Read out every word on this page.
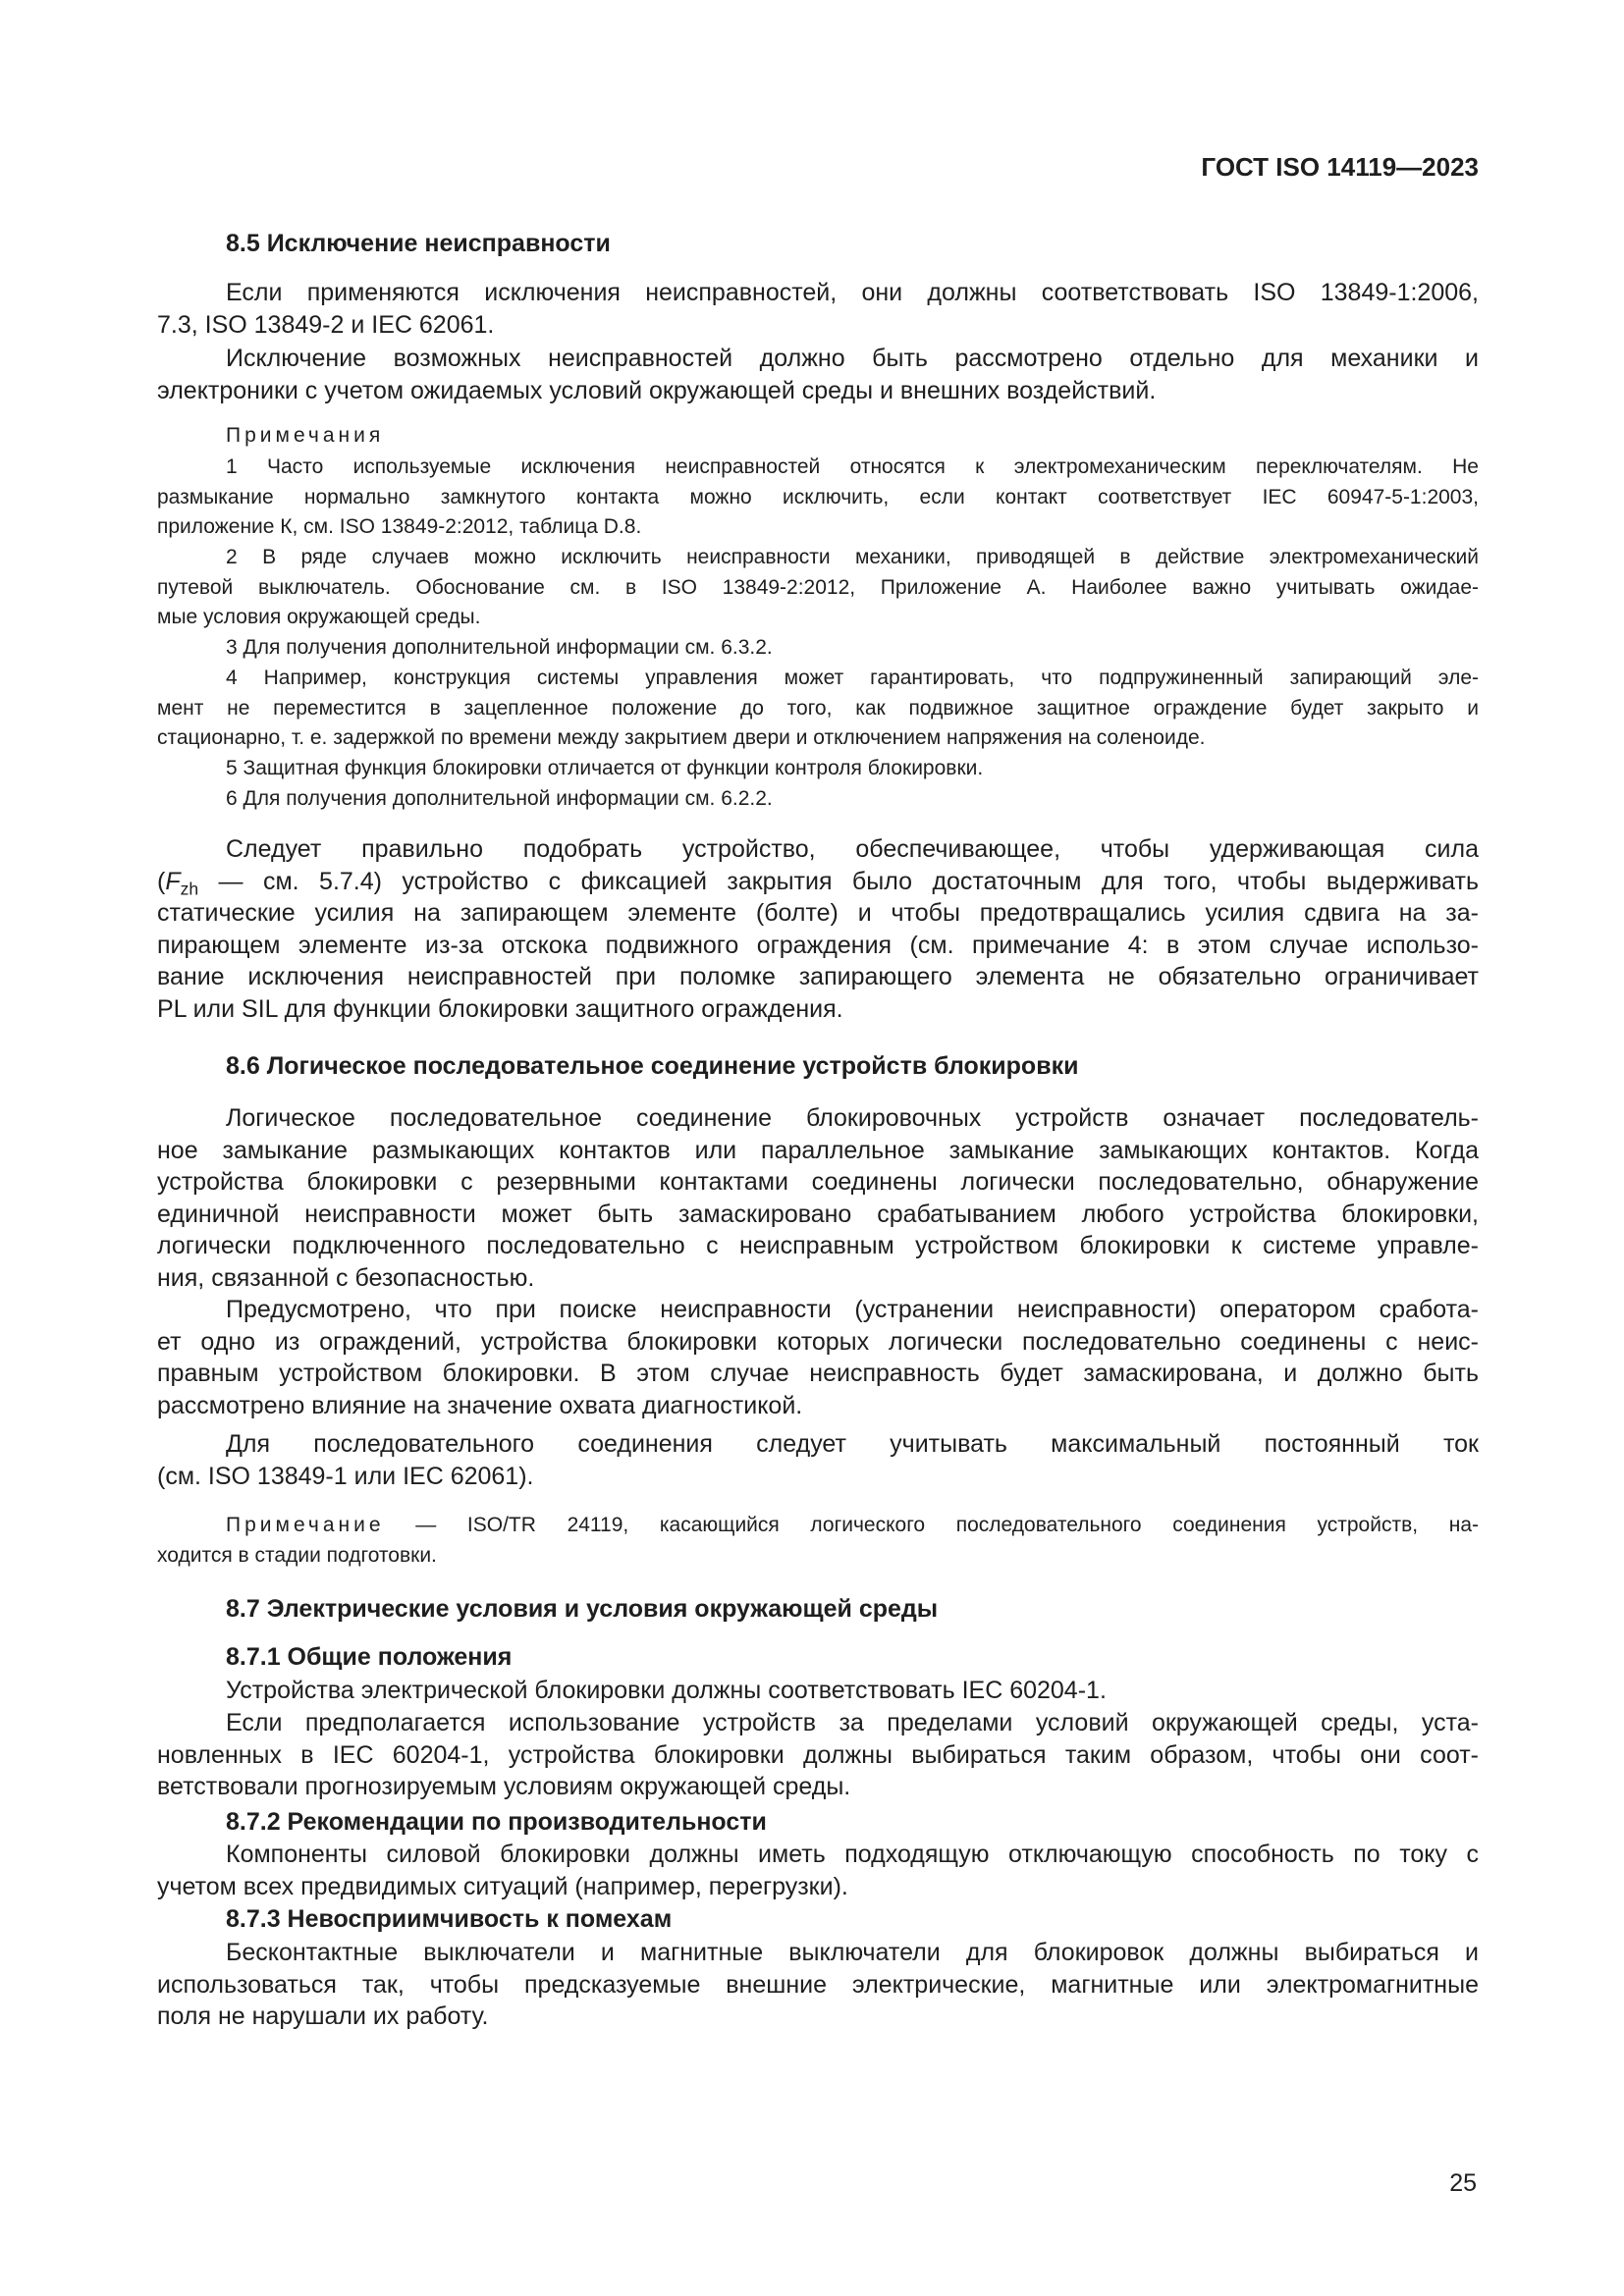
ГОСТ ISO 14119—2023
8.5 Исключение неисправности
Если применяются исключения неисправностей, они должны соответствовать ISO 13849-1:2006,
7.3, ISO 13849-2 и IEC 62061.
Исключение возможных неисправностей должно быть рассмотрено отдельно для механики и
электроники с учетом ожидаемых условий окружающей среды и внешних воздействий.
Примечания
1 Часто используемые исключения неисправностей относятся к электромеханическим переключателям. Не
размыкание нормально замкнутого контакта можно исключить, если контакт соответствует IEC 60947-5-1:2003,
приложение К, см. ISO 13849-2:2012, таблица D.8.
2 В ряде случаев можно исключить неисправности механики, приводящей в действие электромеханический
путевой выключатель. Обоснование см. в ISO 13849-2:2012, Приложение А. Наиболее важно учитывать ожидае-
мые условия окружающей среды.
3 Для получения дополнительной информации см. 6.3.2.
4 Например, конструкция системы управления может гарантировать, что подпружиненный запирающий эле-
мент не переместится в зацепленное положение до того, как подвижное защитное ограждение будет закрыто и
стационарно, т. е. задержкой по времени между закрытием двери и отключением напряжения на соленоиде.
5 Защитная функция блокировки отличается от функции контроля блокировки.
6 Для получения дополнительной информации см. 6.2.2.
Следует правильно подобрать устройство, обеспечивающее, чтобы удерживающая сила
($F_{zh}$ — см. 5.7.4) устройство с фиксацией закрытия было достаточным для того, чтобы выдерживать
статические усилия на запирающем элементе (болте) и чтобы предотвращались усилия сдвига на за-
пирающем элементе из-за отскока подвижного ограждения (см. примечание 4: в этом случае использо-
вание исключения неисправностей при поломке запирающего элемента не обязательно ограничивает
PL или SIL для функции блокировки защитного ограждения.
8.6 Логическое последовательное соединение устройств блокировки
Логическое последовательное соединение блокировочных устройств означает последователь-
ное замыкание размыкающих контактов или параллельное замыкание замыкающих контактов. Когда
устройства блокировки с резервными контактами соединены логически последовательно, обнаружение
единичной неисправности может быть замаскировано срабатыванием любого устройства блокировки,
логически подключенного последовательно с неисправным устройством блокировки к системе управле-
ния, связанной с безопасностью.
Предусмотрено, что при поиске неисправности (устранении неисправности) оператором сработа-
ет одно из ограждений, устройства блокировки которых логически последовательно соединены с неис-
правным устройством блокировки. В этом случае неисправность будет замаскирована, и должно быть
рассмотрено влияние на значение охвата диагностикой.
Для последовательного соединения следует учитывать максимальный постоянный ток
(см. ISO 13849-1 или IEC 62061).
Примечание — ISO/TR 24119, касающийся логического последовательного соединения устройств, на-
ходится в стадии подготовки.
8.7 Электрические условия и условия окружающей среды
8.7.1 Общие положения
Устройства электрической блокировки должны соответствовать IEC 60204-1.
Если предполагается использование устройств за пределами условий окружающей среды, уста-
новленных в IEC 60204-1, устройства блокировки должны выбираться таким образом, чтобы они соот-
ветствовали прогнозируемым условиям окружающей среды.
8.7.2 Рекомендации по производительности
Компоненты силовой блокировки должны иметь подходящую отключающую способность по току с
учетом всех предвидимых ситуаций (например, перегрузки).
8.7.3 Невосприимчивость к помехам
Бесконтактные выключатели и магнитные выключатели для блокировок должны выбираться и
использоваться так, чтобы предсказуемые внешние электрические, магнитные или электромагнитные
поля не нарушали их работу.
25
